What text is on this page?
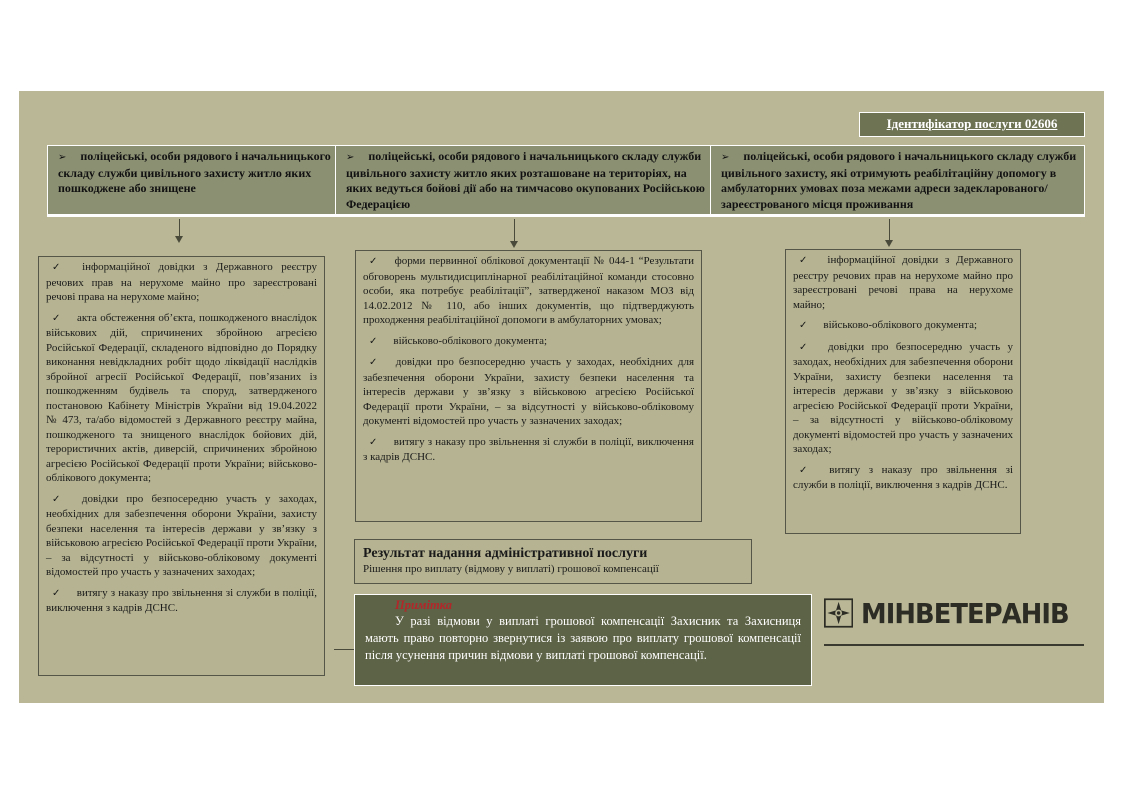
Ідентифікатор послуги 02606
➢ поліцейські, особи рядового і начальницького складу служби цивільного захисту житло яких пошкоджене або знищене
➢ поліцейські, особи рядового і начальницького складу служби цивільного захисту житло яких розташоване на територіях, на яких ведуться бойові дії або на тимчасово окупованих Російською Федерацією
➢ поліцейські, особи рядового і начальницького складу служби цивільного захисту, які отримують реабілітаційну допомогу в амбулаторних умовах поза межами адреси задекларованого/зареєстрованого місця проживання

✓ інформаційної довідки з Державного реєстру речових прав на нерухоме майно про зареєстровані речові права на нерухоме майно;

✓ акта обстеження об’єкта, пошкодженого внаслідок військових дій, спричинених збройною агресією Російської Федерації, складеного відповідно до Порядку виконання невідкладних робіт щодо ліквідації наслідків збройної агресії Російської Федерації, пов’язаних із пошкодженням будівель та споруд, затвердженого постановою Кабінету Міністрів України від 19.04.2022 № 473, та/або відомостей з Державного реєстру майна, пошкодженого та знищеного внаслідок бойових дій, терористичних актів, диверсій, спричинених збройною агресією Російської Федерації проти України; військово-облікового документа;

✓ довідки про безпосередню участь у заходах, необхідних для забезпечення оборони України, захисту безпеки населення та інтересів держави у зв’язку з військовою агресією Російської Федерації проти України, – за відсутності у військово-обліковому документі відомостей про участь у зазначених заходах;

✓ витягу з наказу про звільнення зі служби в поліції, виключення з кадрів ДСНС.

✓ форми первинної облікової документації № 044-1 “Результати обговорень мультидисциплінарної реабілітаційної команди стосовно особи, яка потребує реабілітації”, затвердженої наказом МОЗ від 14.02.2012 № 110, або інших документів, що підтверджують проходження реабілітаційної допомоги в амбулаторних умовах;

✓ військово-облікового документа;

✓ довідки про безпосередню участь у заходах, необхідних для забезпечення оборони України, захисту безпеки населення та інтересів держави у зв’язку з військовою агресією Російської Федерації проти України, – за відсутності у військово-обліковому документі відомостей про участь у зазначених заходах;

✓ витягу з наказу про звільнення зі служби в поліції, виключення з кадрів ДСНС.

✓ інформаційної довідки з Державного реєстру речових прав на нерухоме майно про зареєстровані речові права на нерухоме майно;

✓ військово-облікового документа;

✓ довідки про безпосередню участь у заходах, необхідних для забезпечення оборони України, захисту безпеки населення та інтересів держави у зв’язку з військовою агресією Російської Федерації проти України, – за відсутності у військово-обліковому документі відомостей про участь у зазначених заходах;

✓ витягу з наказу про звільнення зі служби в поліції, виключення з кадрів ДСНС.

Результат надання адміністративної послуги
Рішення про виплату (відмову у виплаті) грошової компенсації
Примітка
У разі відмови у виплаті грошової компенсації Захисник та Захисниця мають право повторно звернутися із заявою про виплату грошової компенсації після усунення причин відмови у виплаті грошової компенсації.
МІНВЕТЕРАНІВ
